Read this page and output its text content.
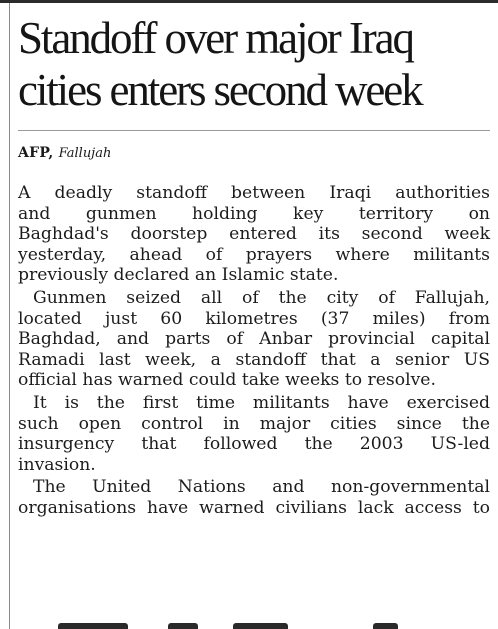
Standoff over major Iraq
cities enters second week
AFP, Fallujah
A deadly standoff between Iraqi authorities
and gunmen holding key territory on
Baghdad's doorstep entered its second week
yesterday, ahead of prayers where militants
previously declared an Islamic state.
Gunmen seized all of the city of Fallujah,
located just 60 kilometres (37 miles) from
Baghdad, and parts of Anbar provincial capital
Ramadi last week, a standoff that a senior US
official has warned could take weeks to resolve.
It is the first time militants have exercised
such open control in major cities since the
insurgency that followed the 2003 US-led
invasion.
The United Nations and non-governmental
organisations have warned civilians lack access to
